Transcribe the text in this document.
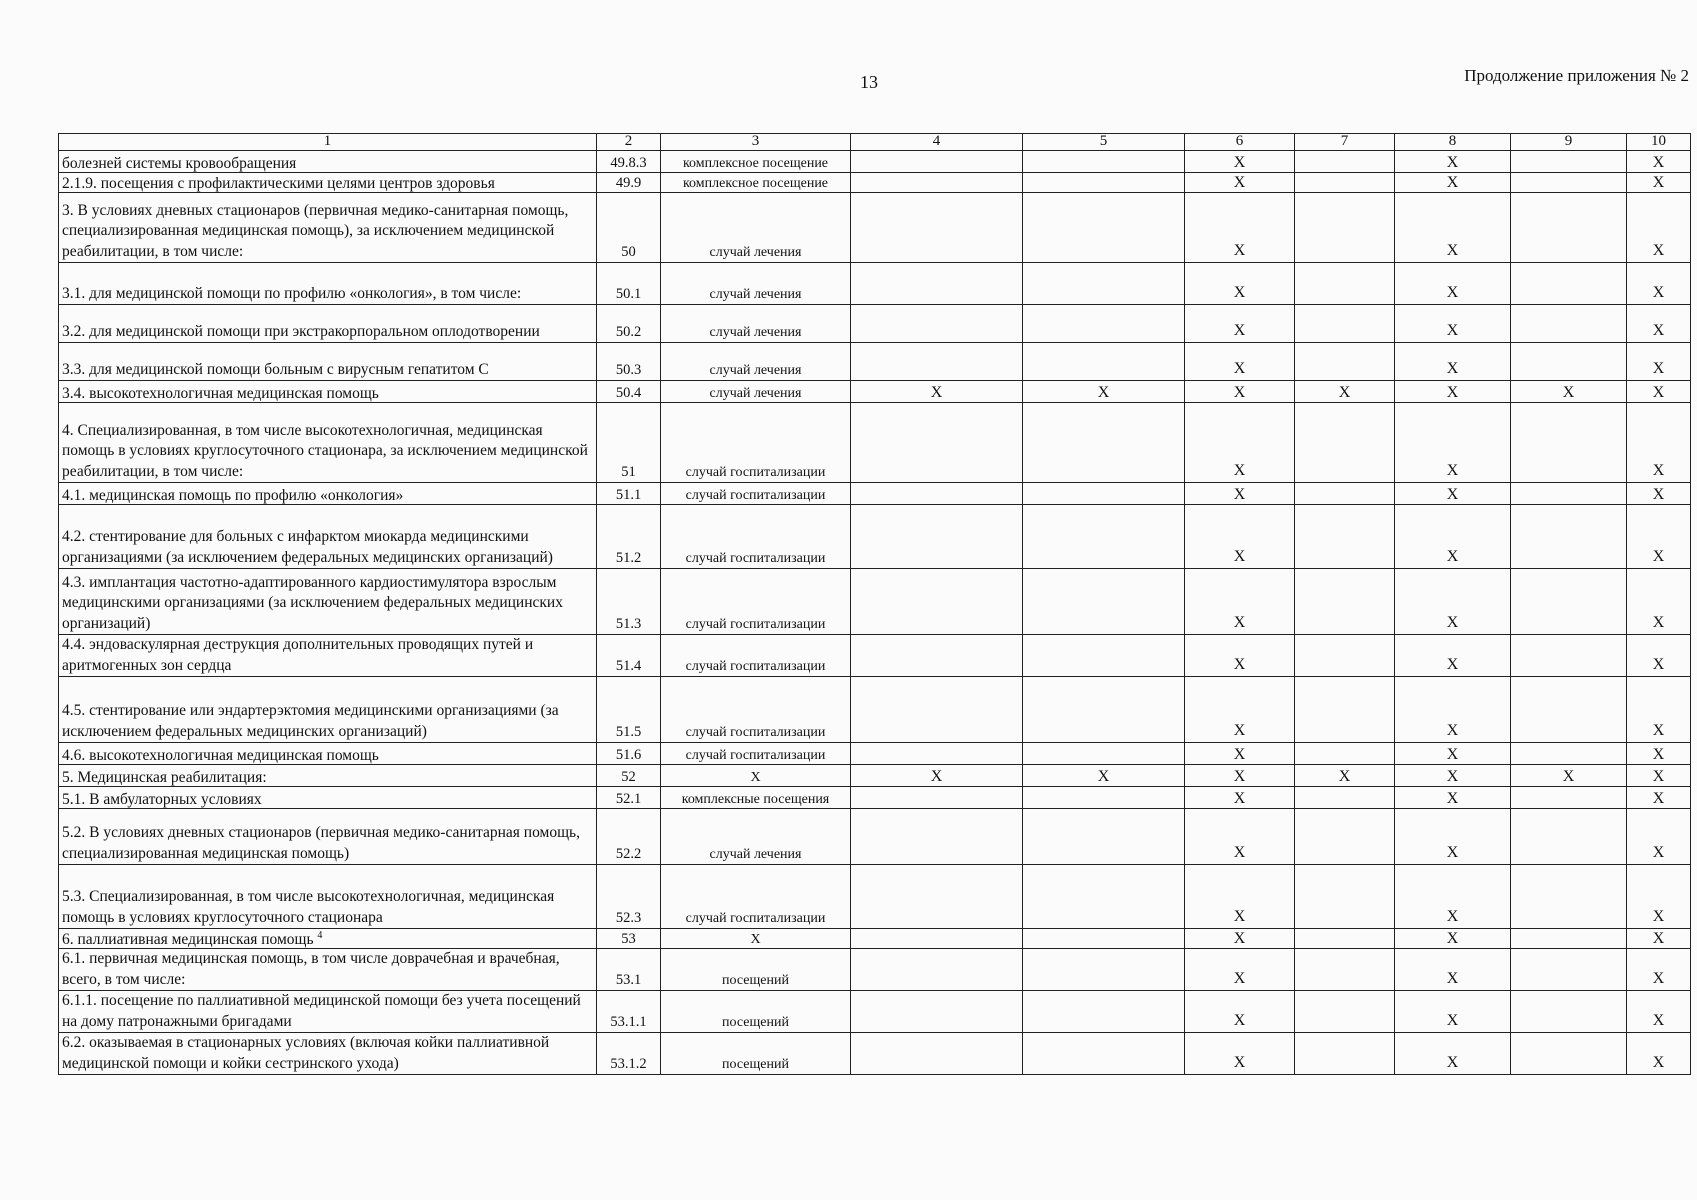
13	Продолжение приложения № 2
1	2	3	4	5	6	7	8	9	10
болезней системы кровообращения	49.8.3	комплексное посещение			X		X		X
2.1.9. посещения с профилактическими целями центров здоровья	49.9	комплексное посещение			X		X		X
3. В условиях дневных стационаров (первичная медико-санитарная помощь, специализированная медицинская помощь), за исключением медицинской реабилитации, в том числе:	50	случай лечения			X		X		X
3.1. для медицинской помощи по профилю «онкология», в том числе:	50.1	случай лечения			X		X		X
3.2. для медицинской помощи при экстракорпоральном оплодотворении	50.2	случай лечения			X		X		X
3.3. для медицинской помощи больным с вирусным гепатитом С	50.3	случай лечения			X		X		X
3.4. высокотехнологичная медицинская помощь	50.4	случай лечения	X	X	X	X	X	X	X
4. Специализированная, в том числе высокотехнологичная, медицинская помощь в условиях круглосуточного стационара, за исключением медицинской реабилитации, в том числе:	51	случай госпитализации			X		X		X
4.1. медицинская помощь по профилю «онкология»	51.1	случай госпитализации			X		X		X
4.2. стентирование для больных с инфарктом миокарда медицинскими организациями (за исключением федеральных медицинских организаций)	51.2	случай госпитализации			X		X		X
4.3. имплантация частотно-адаптированного кардиостимулятора взрослым медицинскими организациями (за исключением федеральных медицинских организаций)	51.3	случай госпитализации			X		X		X
4.4. эндоваскулярная деструкция дополнительных проводящих путей и аритмогенных зон сердца	51.4	случай госпитализации			X		X		X
4.5. стентирование или эндартерэктомия медицинскими организациями (за исключением федеральных медицинских организаций)	51.5	случай госпитализации			X		X		X
4.6. высокотехнологичная медицинская помощь	51.6	случай госпитализации			X		X		X
5. Медицинская реабилитация:	52	X	X	X	X	X	X	X	X
5.1. В амбулаторных условиях	52.1	комплексные посещения			X		X		X
5.2. В условиях дневных стационаров (первичная медико-санитарная помощь, специализированная медицинская помощь)	52.2	случай лечения			X		X		X
5.3. Специализированная, в том числе высокотехнологичная, медицинская помощь в условиях круглосуточного стационара	52.3	случай госпитализации			X		X		X
6. паллиативная медицинская помощь $^4$	53	X			X		X		X
6.1. первичная медицинская помощь, в том числе доврачебная и врачебная, всего, в том числе:	53.1	посещений			X		X		X
6.1.1. посещение по паллиативной медицинской помощи без учета посещений на дому патронажными бригадами	53.1.1	посещений			X		X		X
6.2. оказываемая в стационарных условиях (включая койки паллиативной медицинской помощи и койки сестринского ухода)	53.1.2	посещений			X		X		X
